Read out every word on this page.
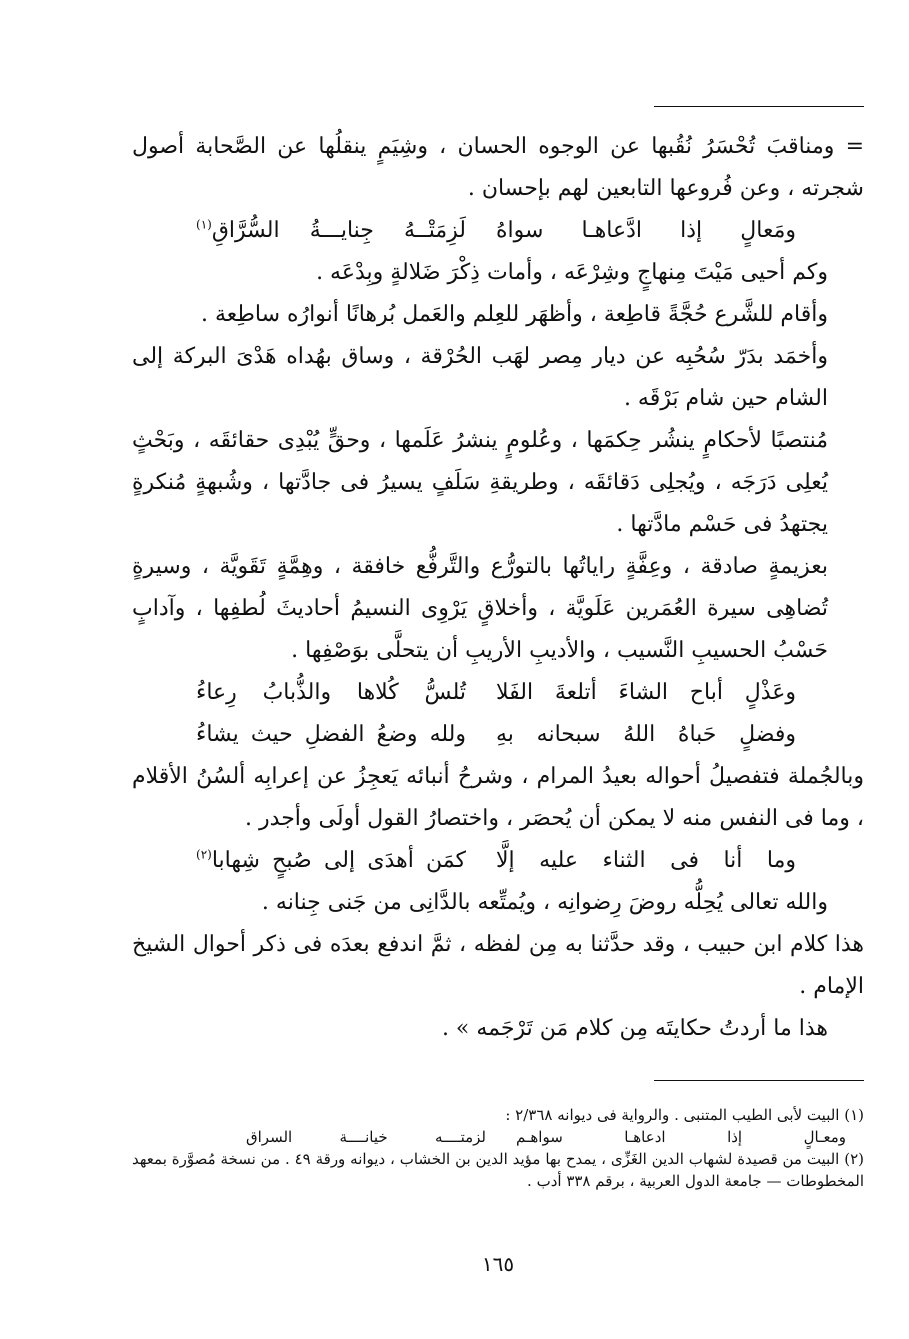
= ومناقبَ تُحْسَرُ نُقُبها عن الوجوه الحسان ، وشِيَمٍ ينقلُها عن الصَّحابة أصول شجرته ، وعن فُروعها التابعين لهم بإحسان .

ومَعالٍ إذا ادَّعاهـا سواهُ
لَزِمَتْــهُ جِنايـــةُ السُّرَّاقِ$^{(١)}$

وكم أحيى مَيْتَ مِنهاجٍ وشِرْعَه ، وأمات ذِكْرَ ضَلالةٍ وبِدْعَه .

وأقام للشَّرع حُجَّةً قاطِعة ، وأظهَر للعِلم والعَمل بُرهانًا أنوارُه ساطِعة .

وأخمَد بدَرّ سُحُبِه عن ديار مِصر لهَب الحُرْقة ، وساق بهُداه هَدْىَ البركة إلى الشام حين شام بَرْقَه .

مُنتصبًا لأحكامٍ ينشُر حِكمَها ، وعُلومٍ ينشرُ عَلَمها ، وحقٍّ يُبْدِى حقائقَه ، وبَحْثٍ يُعلِى دَرَجَه ، ويُجلِى دَقائقَه ، وطريقةِ سَلَفٍ يسيرُ فى جادَّتها ، وشُبهةٍ مُنكرةٍ يجتهدُ فى حَسْم مادَّتها .

بعزيمةٍ صادقة ، وعِفَّةٍ راياتُها بالتورُّع والتَّرفُّع خافقة ، وهِمَّةٍ تَقَويَّة ، وسيرةٍ تُضاهِى سيرة العُمَرين عَلَويَّة ، وأخلاقٍ يَرْوِى النسيمُ أحاديثَ لُطفِها ، وآدابٍ حَسْبُ الحسيبِ النَّسيب ، والأديبِ الأريبِ أن يتحلَّى بوَصْفِها .

وعَذْلٍ أباح الشاءَ أتلعةَ الفَلا
تُلسُّ كُلاها والذُّبابُ رِعاءُ
وفضلٍ حَباهُ اللهُ سبحانه بهِ
ولله وضعُ الفضلِ حيث يشاءُ

وبالجُملة فتفصيلُ أحواله بعيدُ المرام ، وشرحُ أنبائه يَعجِزُ عن إعرابِه ألسُنُ الأقلام ، وما فى النفس منه لا يمكن أن يُحصَر ، واختصارُ القول أولَى وأجدر .

وما أنا فى الثناء عليه إلَّا
كمَن أهدَى إلى صُبحٍ شِهابا$^{(٢)}$

والله تعالى يُحِلُّه روضَ رِضوانِه ، ويُمتِّعه بالدَّانِى من جَنى جِنانه .

هذا كلام ابن حبيب ، وقد حدَّثنا به مِن لفظه ، ثمَّ اندفع بعدَه فى ذكر أحوال الشيخ الإمام .

هذا ما أردتُ حكايتَه مِن كلام مَن تَرْجَمه » .

(١) البيت لأبى الطيب المتنبى . والرواية فى ديوانه ٢/٣٦٨ :

ومعـالٍ إذا ادعاهـا سواهـم
لزمتــــه خيانــــة السراق

(٢) البيت من قصيدة لشهاب الدين الغَزِّى ، يمدح بها مؤيد الدين بن الخشاب ، ديوانه ورقة ٤٩ . من نسخة مُصوَّرة بمعهد المخطوطات — جامعة الدول العربية ، برقم ٣٣٨ أدب .

١٦٥
